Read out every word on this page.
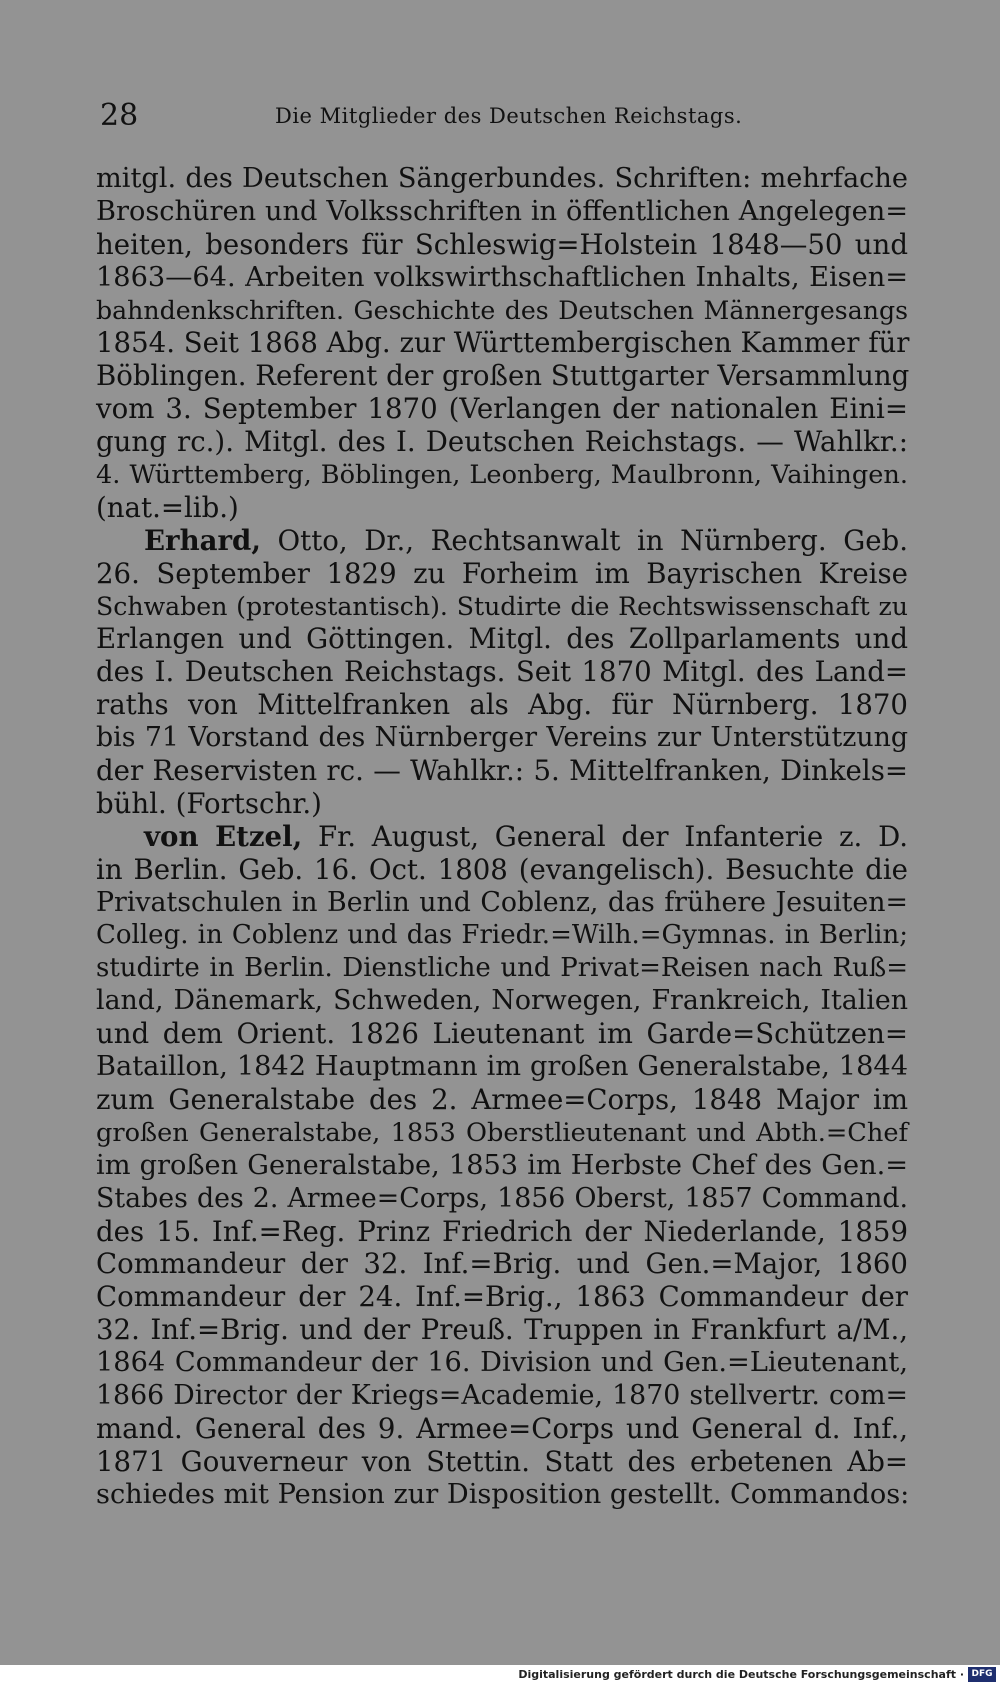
28	Die Mitglieder des Deutschen Reichstags.
mitgl. des Deutschen Sängerbundes. Schriften: mehrfache
Broschüren und Volksschriften in öffentlichen Angelegen=
heiten, besonders für Schleswig=Holstein 1848—50 und
1863—64. Arbeiten volkswirthschaftlichen Inhalts, Eisen=
bahndenkschriften. Geschichte des Deutschen Männergesangs
1854. Seit 1868 Abg. zur Württembergischen Kammer für
Böblingen. Referent der großen Stuttgarter Versammlung
vom 3. September 1870 (Verlangen der nationalen Eini=
gung rc.). Mitgl. des I. Deutschen Reichstags. — Wahlkr.:
4. Württemberg, Böblingen, Leonberg, Maulbronn, Vaihingen.
(nat.=lib.)
Erhard, Otto, Dr., Rechtsanwalt in Nürnberg. Geb.
26. September 1829 zu Forheim im Bayrischen Kreise
Schwaben (protestantisch). Studirte die Rechtswissenschaft zu
Erlangen und Göttingen. Mitgl. des Zollparlaments und
des I. Deutschen Reichstags. Seit 1870 Mitgl. des Land=
raths von Mittelfranken als Abg. für Nürnberg. 1870
bis 71 Vorstand des Nürnberger Vereins zur Unterstützung
der Reservisten rc. — Wahlkr.: 5. Mittelfranken, Dinkels=
bühl. (Fortschr.)
von Etzel, Fr. August, General der Infanterie z. D.
in Berlin. Geb. 16. Oct. 1808 (evangelisch). Besuchte die
Privatschulen in Berlin und Coblenz, das frühere Jesuiten=
Colleg. in Coblenz und das Friedr.=Wilh.=Gymnas. in Berlin;
studirte in Berlin. Dienstliche und Privat=Reisen nach Ruß=
land, Dänemark, Schweden, Norwegen, Frankreich, Italien
und dem Orient. 1826 Lieutenant im Garde=Schützen=
Bataillon, 1842 Hauptmann im großen Generalstabe, 1844
zum Generalstabe des 2. Armee=Corps, 1848 Major im
großen Generalstabe, 1853 Oberstlieutenant und Abth.=Chef
im großen Generalstabe, 1853 im Herbste Chef des Gen.=
Stabes des 2. Armee=Corps, 1856 Oberst, 1857 Command.
des 15. Inf.=Reg. Prinz Friedrich der Niederlande, 1859
Commandeur der 32. Inf.=Brig. und Gen.=Major, 1860
Commandeur der 24. Inf.=Brig., 1863 Commandeur der
32. Inf.=Brig. und der Preuß. Truppen in Frankfurt a/M.,
1864 Commandeur der 16. Division und Gen.=Lieutenant,
1866 Director der Kriegs=Academie, 1870 stellvertr. com=
mand. General des 9. Armee=Corps und General d. Inf.,
1871 Gouverneur von Stettin. Statt des erbetenen Ab=
schiedes mit Pension zur Disposition gestellt. Commandos:
Digitalisierung gefördert durch die Deutsche Forschungsgemeinschaft · DFG
